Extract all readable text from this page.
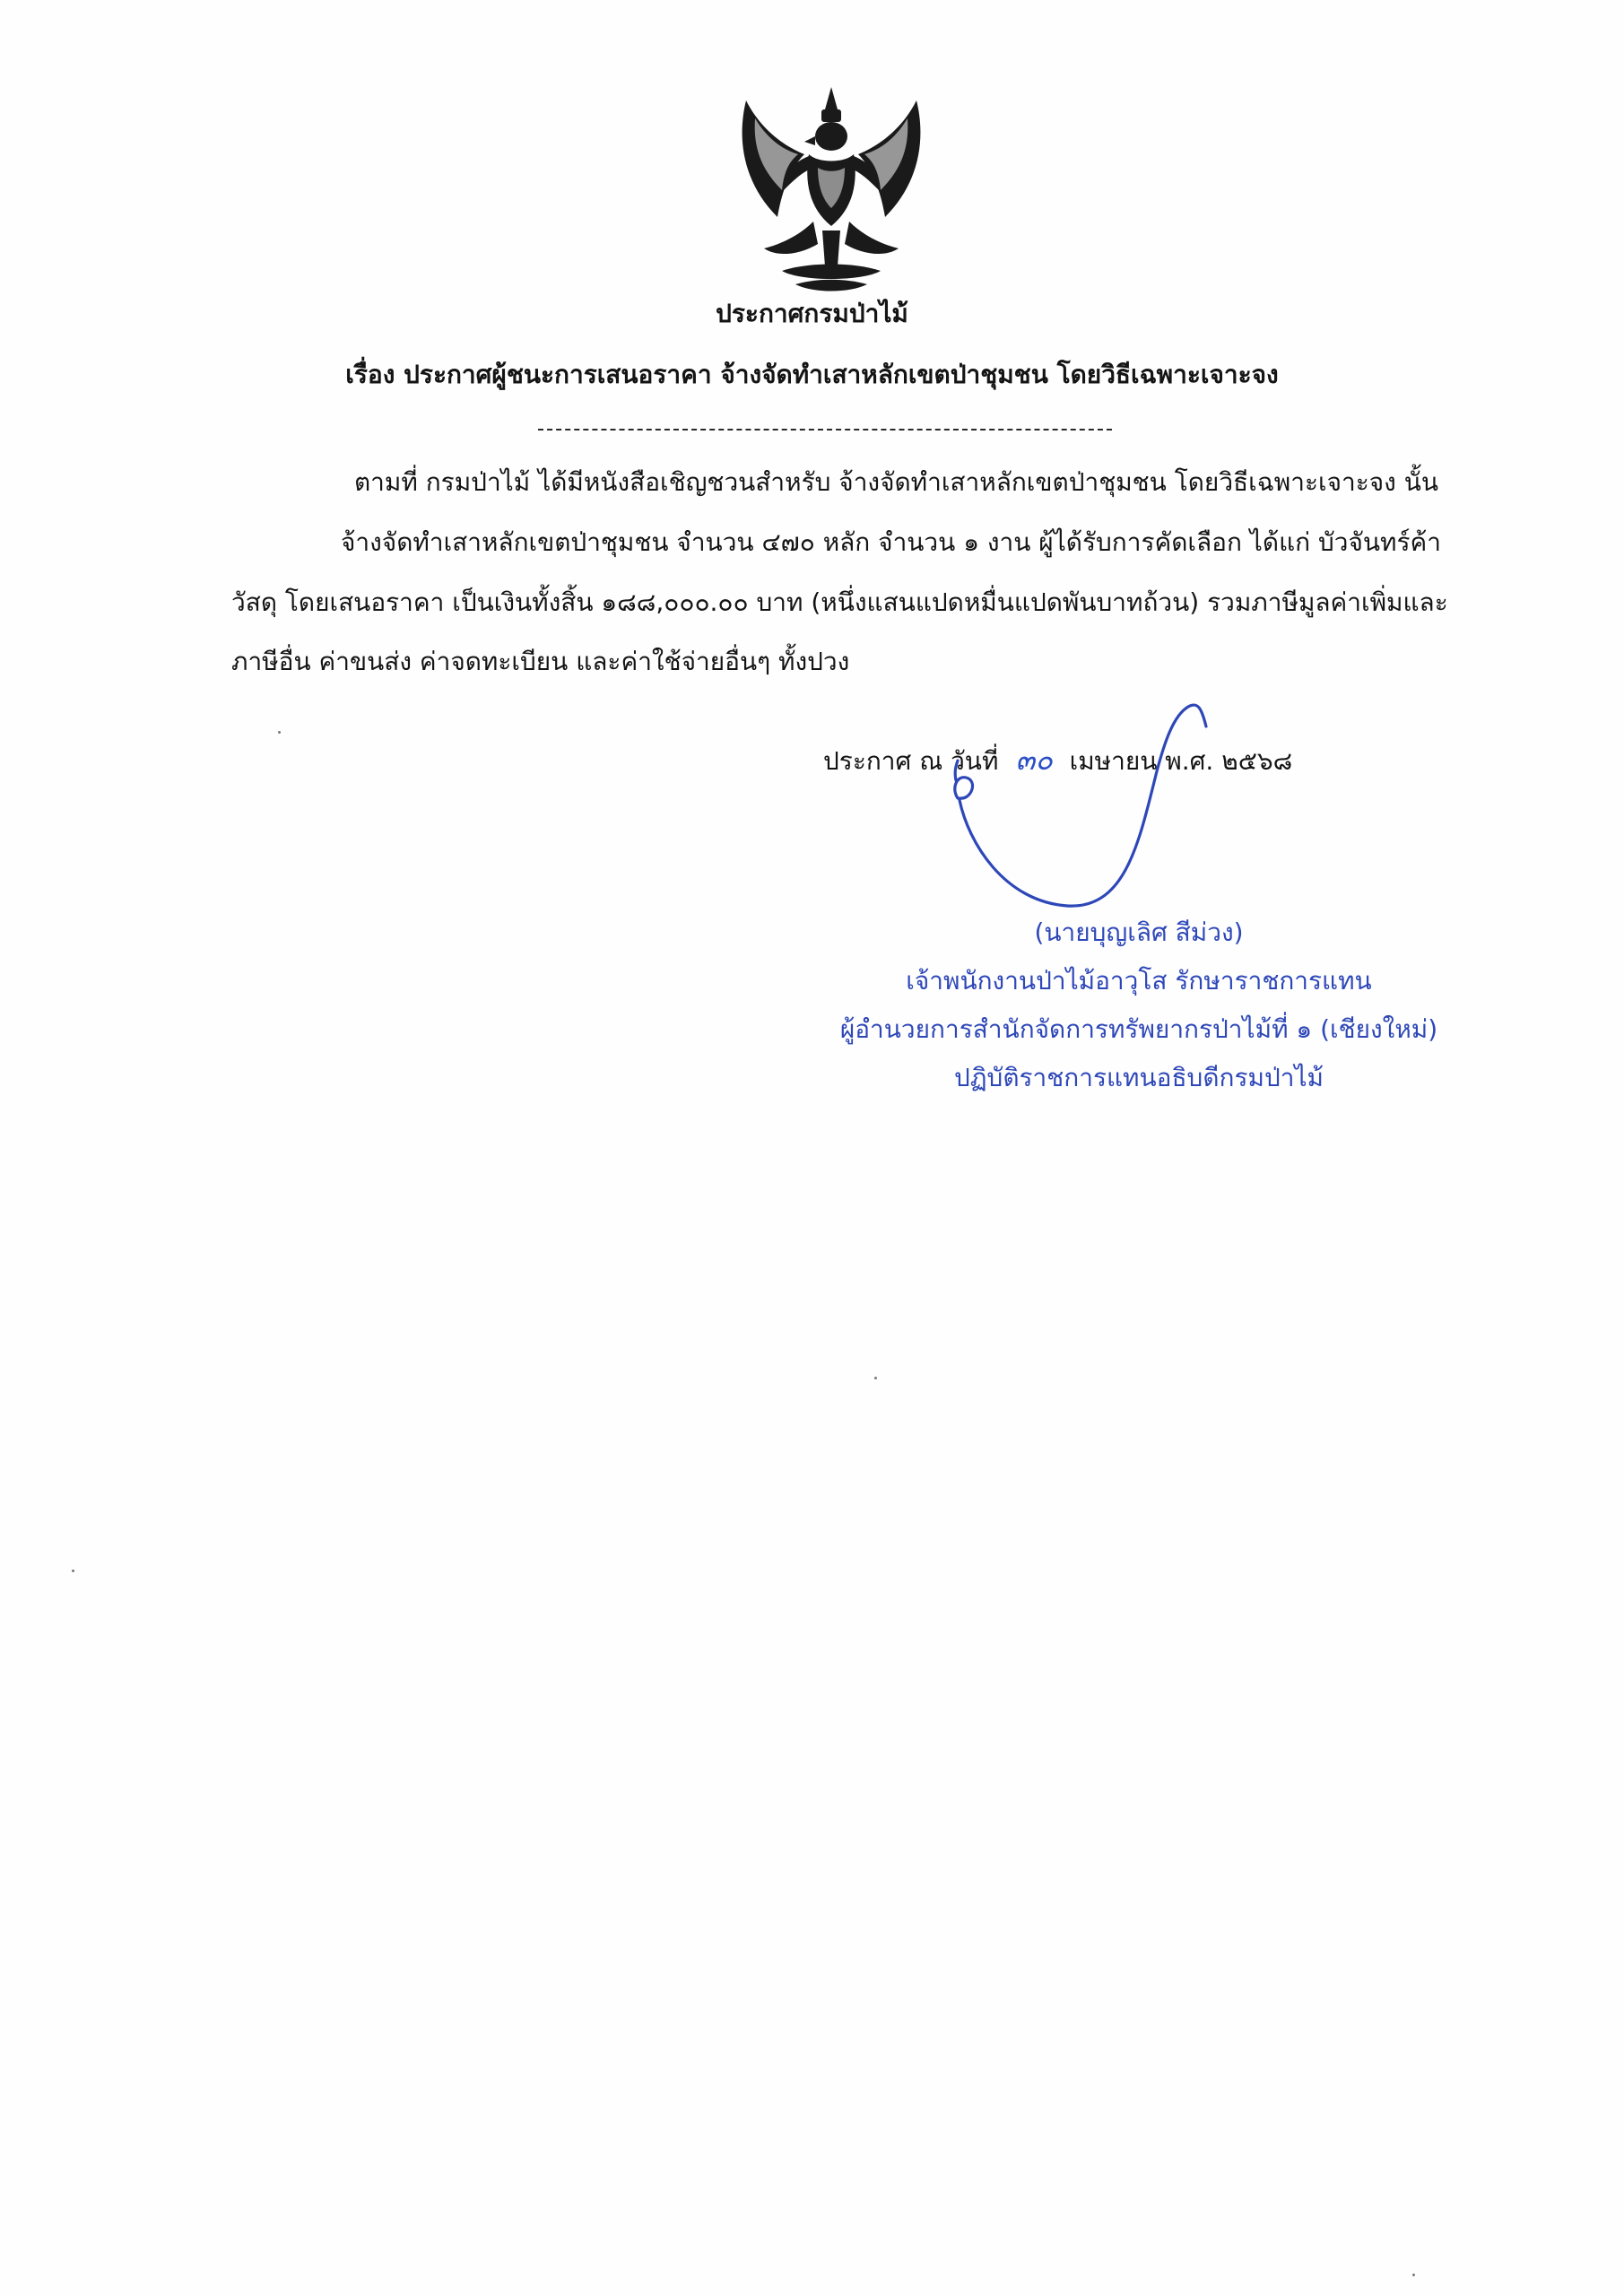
ประกาศกรมป่าไม้
เรื่อง ประกาศผู้ชนะการเสนอราคา จ้างจัดทำเสาหลักเขตป่าชุมชน โดยวิธีเฉพาะเจาะจง
ตามที่ กรมป่าไม้ ได้มีหนังสือเชิญชวนสำหรับ จ้างจัดทำเสาหลักเขตป่าชุมชน โดยวิธีเฉพาะเจาะจง นั้น
จ้างจัดทำเสาหลักเขตป่าชุมชน จำนวน ๔๗๐ หลัก จำนวน ๑ งาน ผู้ได้รับการคัดเลือก ได้แก่ บัวจันทร์ค้า
วัสดุ โดยเสนอราคา เป็นเงินทั้งสิ้น ๑๘๘,๐๐๐.๐๐ บาท (หนึ่งแสนแปดหมื่นแปดพันบาทถ้วน) รวมภาษีมูลค่าเพิ่มและ
ภาษีอื่น ค่าขนส่ง ค่าจดทะเบียน และค่าใช้จ่ายอื่นๆ ทั้งปวง
ประกาศ ณ วันที่ ๓๐ เมษายน พ.ศ. ๒๕๖๘
(นายบุญเลิศ สีม่วง)
เจ้าพนักงานป่าไม้อาวุโส รักษาราชการแทน
ผู้อำนวยการสำนักจัดการทรัพยากรป่าไม้ที่ ๑ (เชียงใหม่)
ปฏิบัติราชการแทนอธิบดีกรมป่าไม้
